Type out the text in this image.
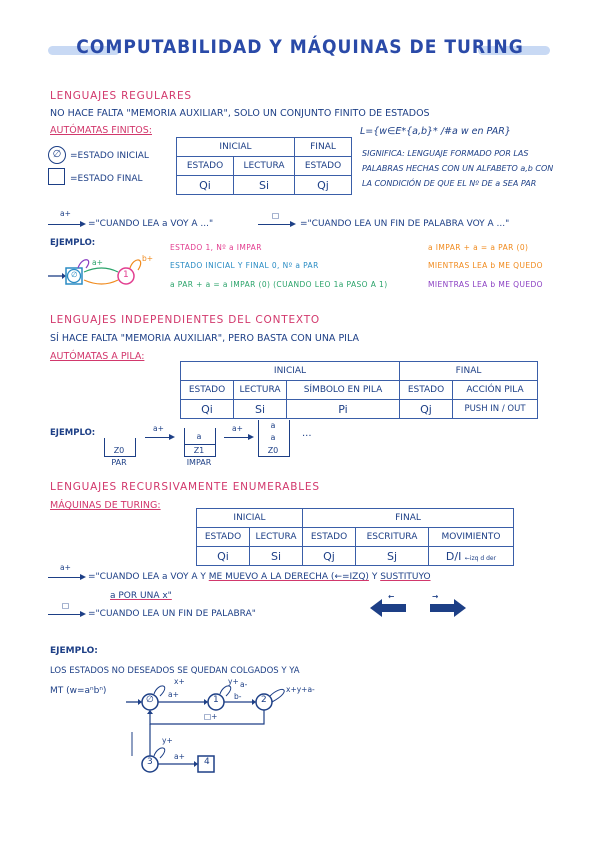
COMPUTABILIDAD Y MÁQUINAS DE TURING
LENGUAJES REGULARES
NO HACE FALTA "MEMORIA AUXILIAR", SOLO UN CONJUNTO FINITO DE ESTADOS
AUTÓMATAS FINITOS:
∅ =ESTADO INICIAL
=ESTADO FINAL
INICIAL		FINAL
ESTADO	LECTURA	ESTADO
Qi	Si	Qj
L={w∈E*{a,b}* /#a w en PAR}
SIGNIFICA: LENGUAJE FORMADO POR LAS PALABRAS HECHAS CON UN ALFABETO a,b CON LA CONDICIÓN DE QUE EL Nº DE a SEA PAR
a+
="CUANDO LEA a VOY A ..."
□
="CUANDO LEA UN FIN DE PALABRA VOY A ..."
EJEMPLO:
∅	1
a+	b+
ESTADO 1, Nº a IMPAR
ESTADO INICIAL Y FINAL 0, Nº a PAR
a PAR + a = a IMPAR (0) (CUANDO LEO 1a PASO A 1)
a IMPAR + a = a PAR (0)
MIENTRAS LEA b ME QUEDO
MIENTRAS LEA b ME QUEDO
LENGUAJES INDEPENDIENTES DEL CONTEXTO
SÍ HACE FALTA "MEMORIA AUXILIAR", PERO BASTA CON UNA PILA
AUTÓMATAS A PILA:
INICIAL			FINAL	
ESTADO	LECTURA	SÍMBOLO EN PILA	ESTADO	ACCIÓN PILA
Qi	Si	Pi	Qj	PUSH IN / OUT
EJEMPLO:
Z0
PAR
a+
a
Z1
IMPAR
a+	a
a
Z0
...
LENGUAJES RECURSIVAMENTE ENUMERABLES
MÁQUINAS DE TURING:
INICIAL		FINAL		
ESTADO	LECTURA	ESTADO	ESCRITURA	MOVIMIENTO
Qi	Si	Qj	Sj	D/I ←izq d der
a+
="CUANDO LEA a VOY A Y ME MUEVO A LA DERECHA (←=IZQ) Y SUSTITUYO
a POR UNA x"
□
="CUANDO LEA UN FIN DE PALABRA"
←	→
EJEMPLO:
LOS ESTADOS NO DESEADOS SE QUEDAN COLGADOS Y YA
MT (w=aⁿbⁿ)
∅	1	2
3	4
a+
x+
b-
y+ a-
□+
x+y+a-
y+
a+
